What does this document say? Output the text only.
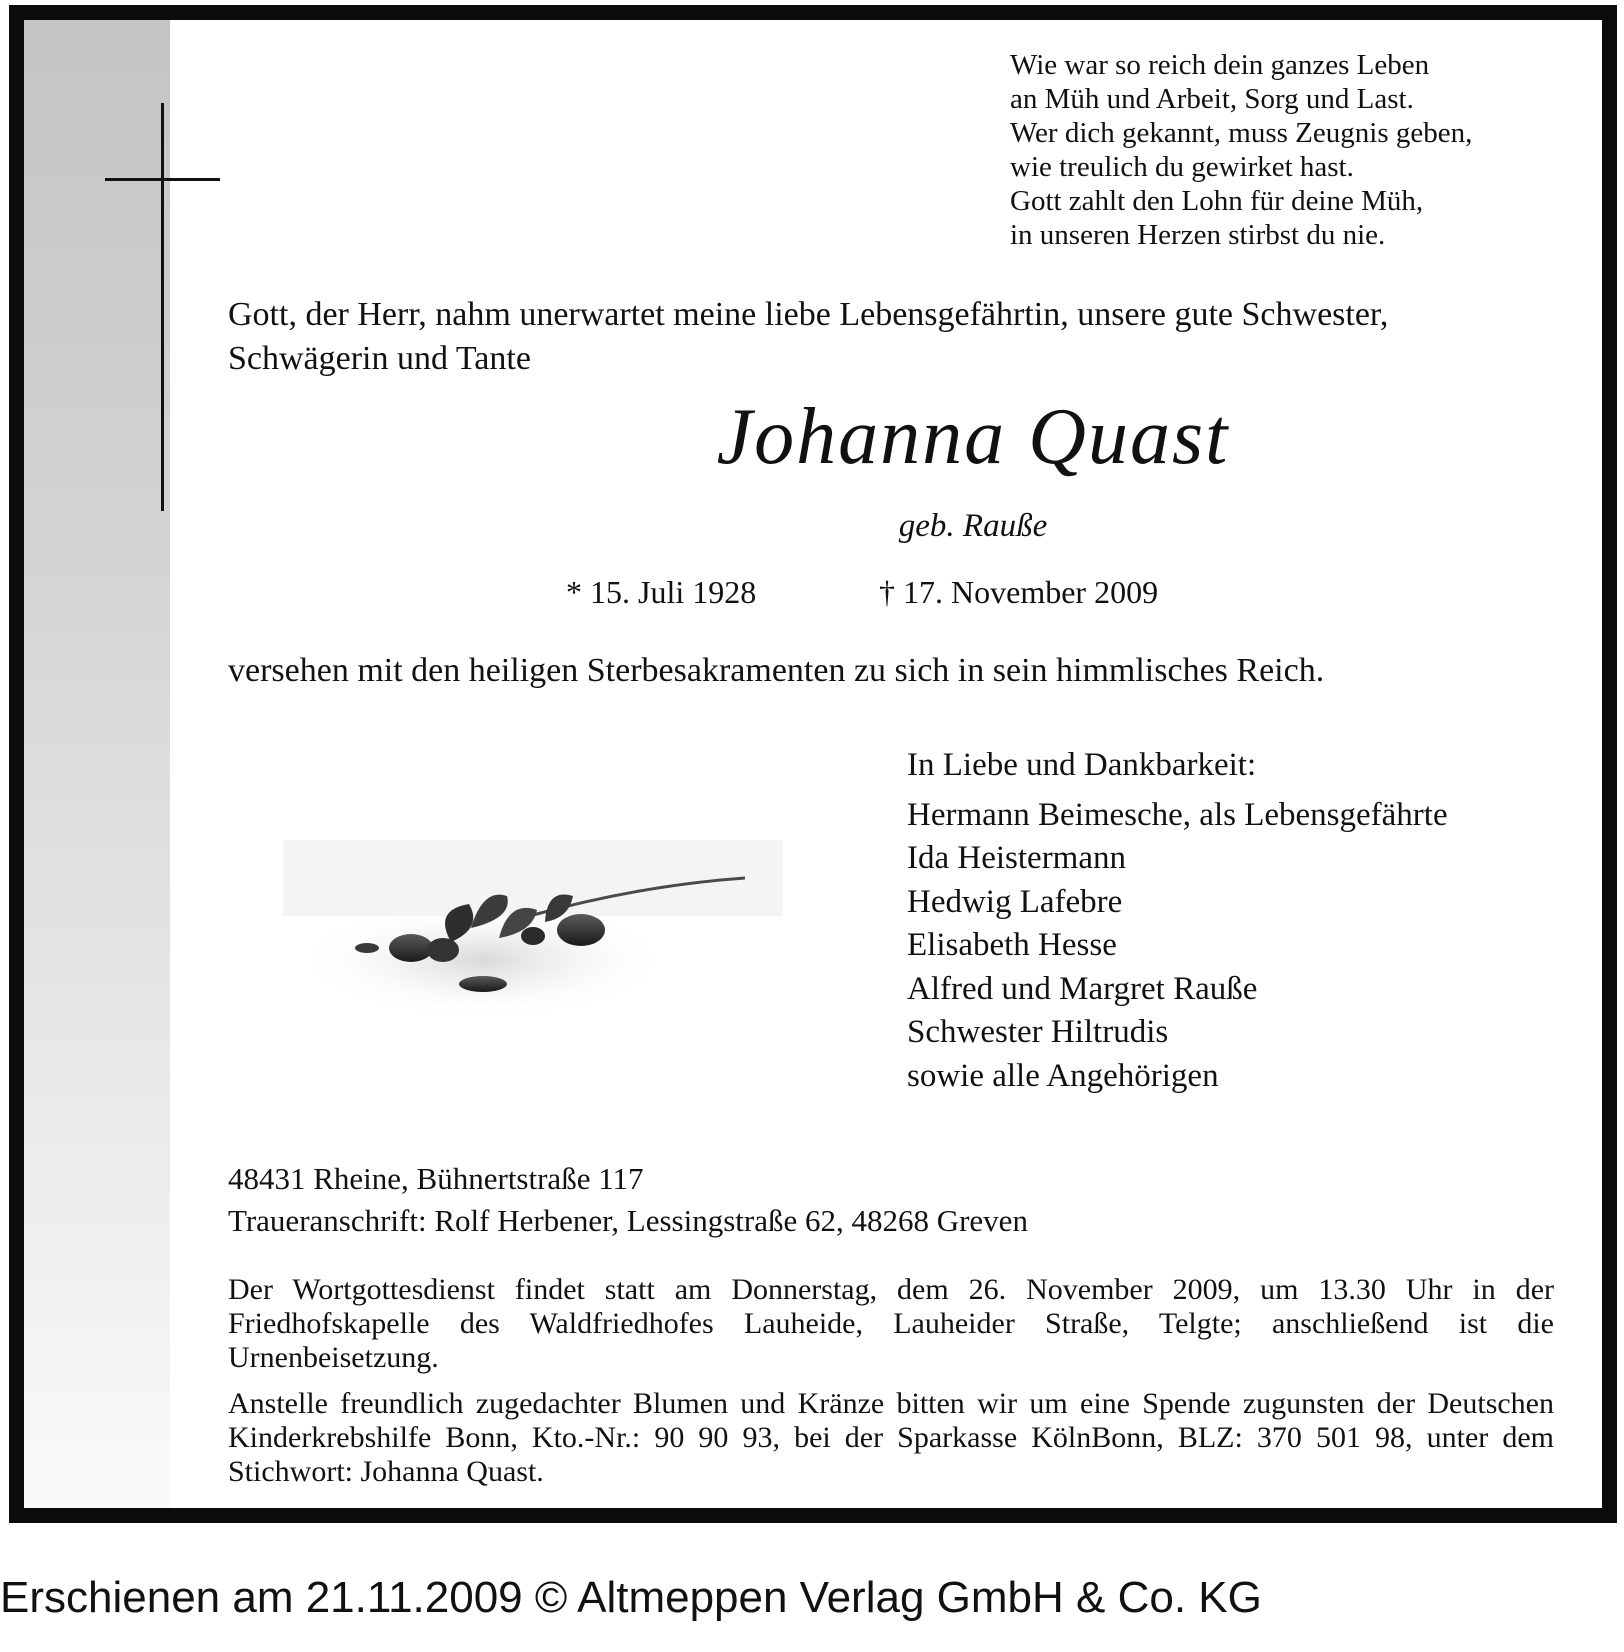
Wie war so reich dein ganzes Leben
an Müh und Arbeit, Sorg und Last.
Wer dich gekannt, muss Zeugnis geben,
wie treulich du gewirket hast.
Gott zahlt den Lohn für deine Müh,
in unseren Herzen stirbst du nie.
Gott, der Herr, nahm unerwartet meine liebe Lebensgefährtin, unsere gute Schwester,
Schwägerin und Tante
Johanna Quast
geb. Rauße
* 15. Juli 1928	† 17. November 2009
versehen mit den heiligen Sterbesakramenten zu sich in sein himmlisches Reich.
In Liebe und Dankbarkeit:
Hermann Beimesche, als Lebensgefährte
Ida Heistermann
Hedwig Lafebre
Elisabeth Hesse
Alfred und Margret Rauße
Schwester Hiltrudis
sowie alle Angehörigen
48431 Rheine, Bühnertstraße 117
Traueranschrift: Rolf Herbener, Lessingstraße 62, 48268 Greven
Der Wortgottesdienst findet statt am Donnerstag, dem 26. November 2009, um 13.30 Uhr in der Friedhofskapelle des Waldfriedhofes Lauheide, Lauheider Straße, Telgte; anschließend ist die Urnenbeisetzung.
Anstelle freundlich zugedachter Blumen und Kränze bitten wir um eine Spende zugunsten der Deutschen Kinderkrebshilfe Bonn, Kto.-Nr.: 90 90 93, bei der Sparkasse KölnBonn, BLZ: 370 501 98, unter dem Stichwort: Johanna Quast.
Erschienen am 21.11.2009 © Altmeppen Verlag GmbH & Co. KG
